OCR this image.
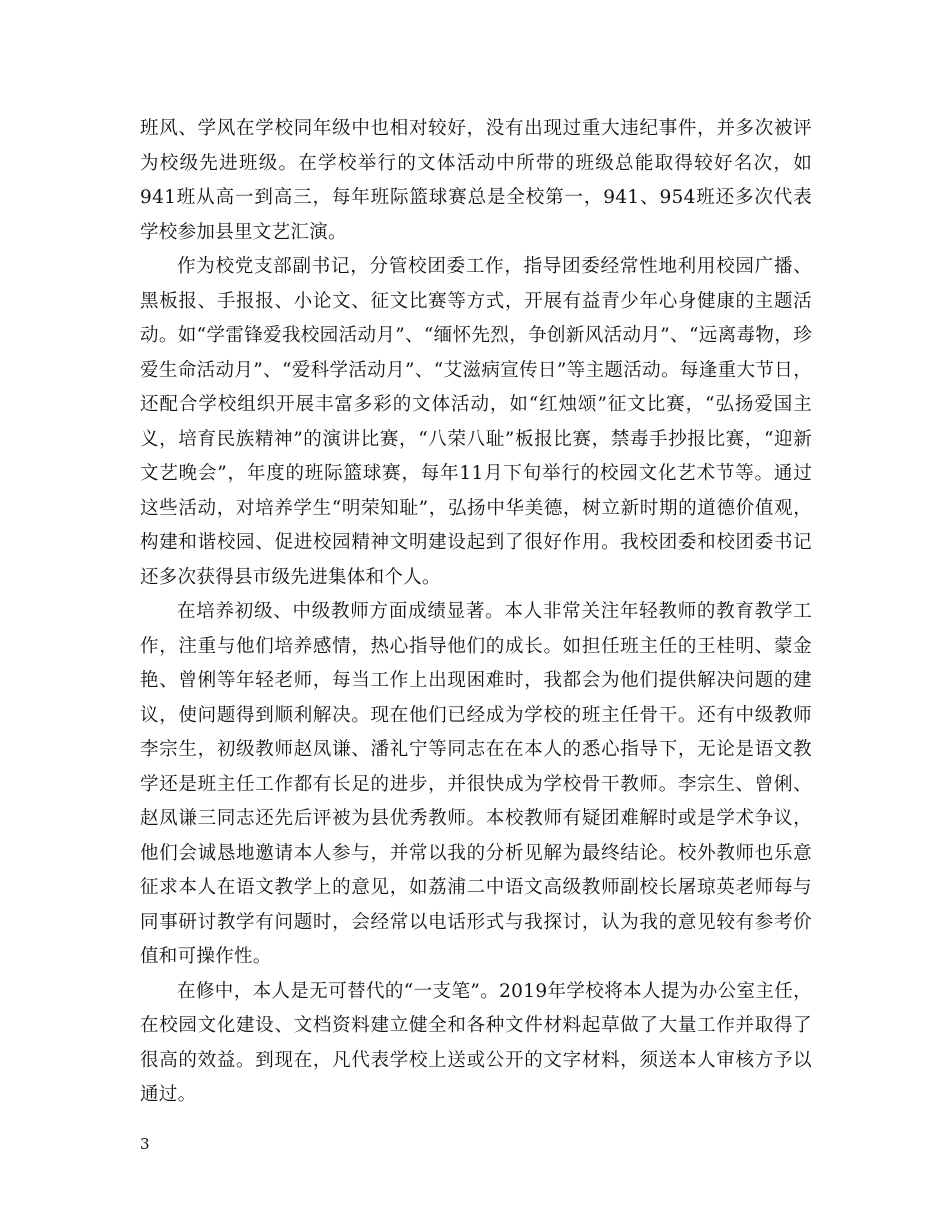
班风、学风在学校同年级中也相对较好，没有出现过重大违纪事件，并多次被评为校级先进班级。在学校举行的文体活动中所带的班级总能取得较好名次，如941班从高一到高三，每年班际篮球赛总是全校第一，941、954班还多次代表学校参加县里文艺汇演。

作为校党支部副书记，分管校团委工作，指导团委经常性地利用校园广播、黑板报、手报报、小论文、征文比赛等方式，开展有益青少年心身健康的主题活动。如“学雷锋爱我校园活动月”、“缅怀先烈，争创新风活动月”、“远离毒物，珍爱生命活动月”、“爱科学活动月”、“艾滋病宣传日”等主题活动。每逢重大节日，还配合学校组织开展丰富多彩的文体活动，如“红烛颂”征文比赛，“弘扬爱国主义，培育民族精神”的演讲比赛，“八荣八耻”板报比赛，禁毒手抄报比赛，“迎新文艺晚会”，年度的班际篮球赛，每年11月下旬举行的校园文化艺术节等。通过这些活动，对培养学生“明荣知耻”，弘扬中华美德，树立新时期的道德价值观，构建和谐校园、促进校园精神文明建设起到了很好作用。我校团委和校团委书记还多次获得县市级先进集体和个人。

在培养初级、中级教师方面成绩显著。本人非常关注年轻教师的教育教学工作，注重与他们培养感情，热心指导他们的成长。如担任班主任的王桂明、蒙金艳、曾俐等年轻老师，每当工作上出现困难时，我都会为他们提供解决问题的建议，使问题得到顺利解决。现在他们已经成为学校的班主任骨干。还有中级教师李宗生，初级教师赵凤谦、潘礼宁等同志在在本人的悉心指导下，无论是语文教学还是班主任工作都有长足的进步，并很快成为学校骨干教师。李宗生、曾俐、赵凤谦三同志还先后评被为县优秀教师。本校教师有疑团难解时或是学术争议，他们会诚恳地邀请本人参与，并常以我的分析见解为最终结论。校外教师也乐意征求本人在语文教学上的意见，如荔浦二中语文高级教师副校长屠琼英老师每与同事研讨教学有问题时，会经常以电话形式与我探讨，认为我的意见较有参考价值和可操作性。

在修中，本人是无可替代的“一支笔”。2019年学校将本人提为办公室主任，在校园文化建设、文档资料建立健全和各种文件材料起草做了大量工作并取得了很高的效益。到现在，凡代表学校上送或公开的文字材料，须送本人审核方予以通过。

3
